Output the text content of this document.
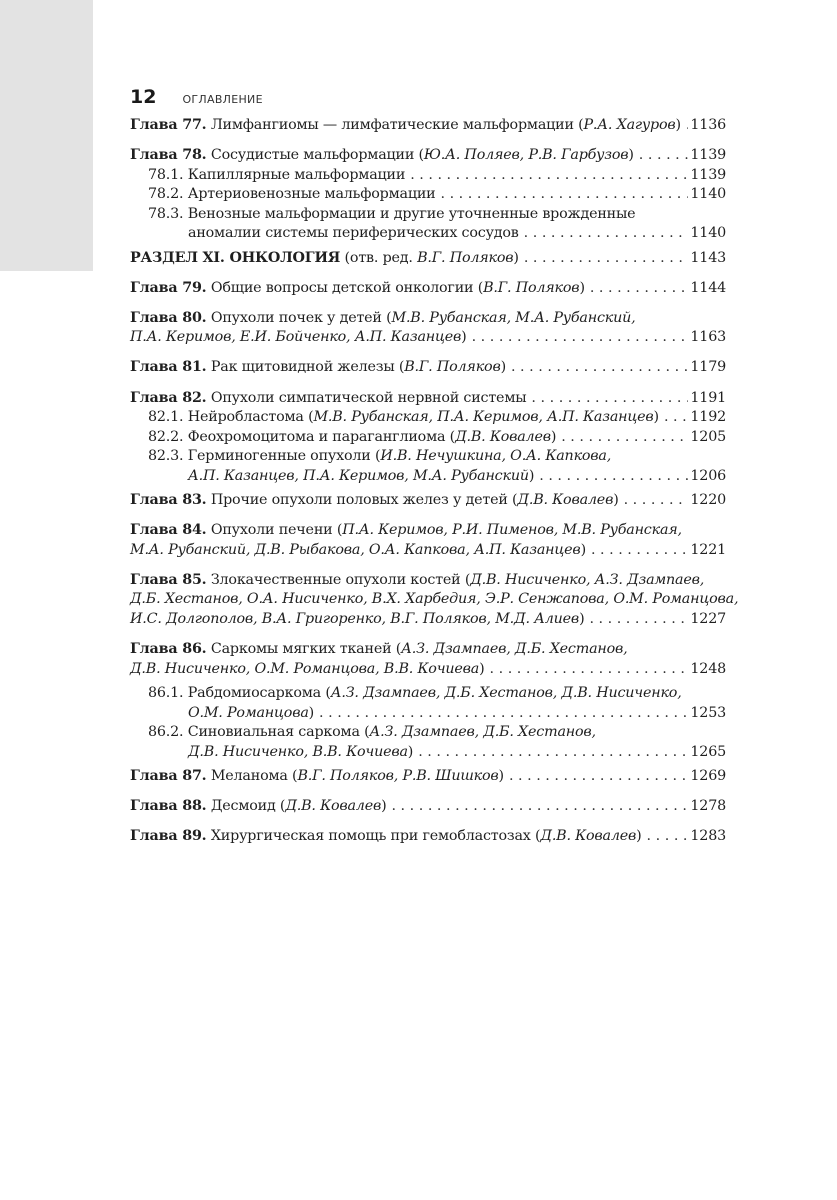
12 ОГЛАВЛЕНИЕ
Глава 77. Лимфангиомы — лимфатические мальформации (Р.А. Хагуров) . . . 1136
Глава 78. Сосудистые мальформации (Ю.А. Поляев, Р.В. Гарбузов) . . .	1139
78.1. Капиллярные мальформации . . .	1139
78.2. Артериовенозные мальформации . . .	1140
78.3. Венозные мальформации и другие уточненные врожденные
аномалии системы периферических сосудов . . .	1140
РАЗДЕЛ XI. ОНКОЛОГИЯ (отв. ред. В.Г. Поляков) . . .	1143
Глава 79. Общие вопросы детской онкологии (В.Г. Поляков) . . .	1144
Глава 80. Опухоли почек у детей (М.В. Рубанская, М.А. Рубанский,
П.А. Керимов, Е.И. Бойченко, А.П. Казанцев) . . .	1163
Глава 81. Рак щитовидной железы (В.Г. Поляков) . . .	1179
Глава 82. Опухоли симпатической нервной системы . . .	1191
82.1. Нейробластома (М.В. Рубанская, П.А. Керимов, А.П. Казанцев) . . . 1192
82.2. Феохромоцитома и параганглиома (Д.В. Ковалев) . . .	1205
82.3. Герминогенные опухоли (И.В. Нечушкина, О.А. Капкова,
А.П. Казанцев, П.А. Керимов, М.А. Рубанский) . . .	1206
Глава 83. Прочие опухоли половых желез у детей (Д.В. Ковалев) . . .	1220
Глава 84. Опухоли печени (П.А. Керимов, Р.И. Пименов, М.В. Рубанская,
М.А. Рубанский, Д.В. Рыбакова, О.А. Капкова, А.П. Казанцев) . . .	1221
Глава 85. Злокачественные опухоли костей (Д.В. Нисиченко, А.З. Дзампаев,
Д.Б. Хестанов, О.А. Нисиченко, В.Х. Харбедия, Э.Р. Сенжапова, О.М. Романцова,
И.С. Долгополов, В.А. Григоренко, В.Г. Поляков, М.Д. Алиев) . . .	1227
Глава 86. Саркомы мягких тканей (А.З. Дзампаев, Д.Б. Хестанов,
Д.В. Нисиченко, О.М. Романцова, В.В. Кочиева) . . .	1248
86.1. Рабдомиосаркома (А.З. Дзампаев, Д.Б. Хестанов, Д.В. Нисиченко,
О.М. Романцова) . . .	1253
86.2. Синовиальная саркома (А.З. Дзампаев, Д.Б. Хестанов,
Д.В. Нисиченко, В.В. Кочиева) . . .	1265
Глава 87. Меланома (В.Г. Поляков, Р.В. Шишков) . . .	1269
Глава 88. Десмоид (Д.В. Ковалев) . . .	1278
Глава 89. Хирургическая помощь при гемобластозах (Д.В. Ковалев) . . .	1283
